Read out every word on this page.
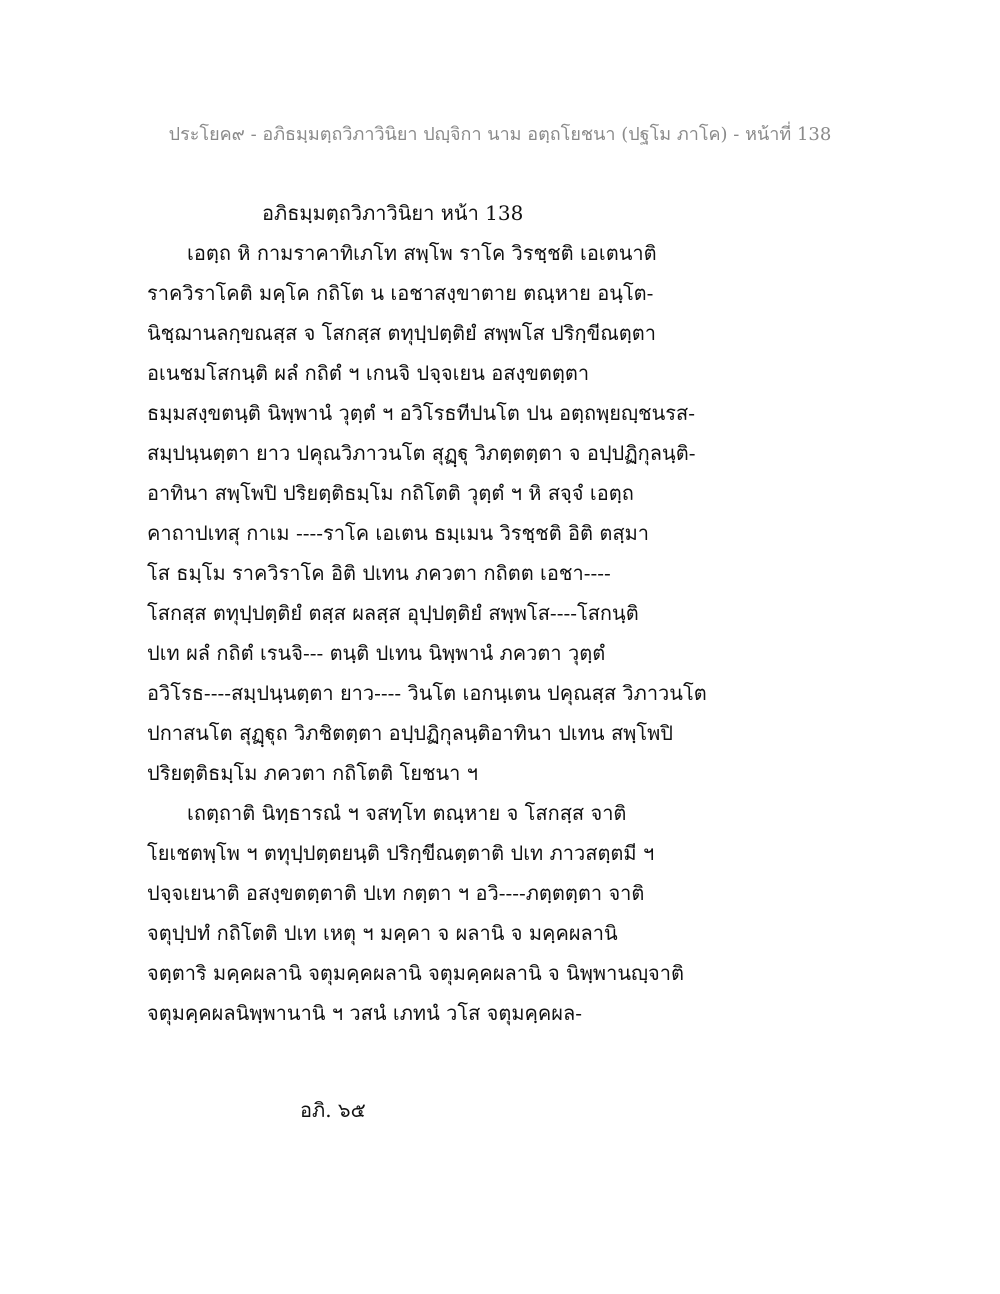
ประโยค๙ - อภิธมฺมตฺถวิภาวินิยา ปญฺจิกา นาม อตฺถโยชนา (ปฐโม ภาโค) - หน้าที่ 138
อภิธมฺมตฺถวิภาวินิยา หน้า 138
เอตฺถ หิ กามราคาทิเภโท สพฺโพ ราโค วิรชฺชติ เอเตนาติ
ราควิราโคติ มคฺโค กถิโต น เอชาสงฺขาตาย ตณฺหาย อนฺโต-
นิชฺฌานลกฺขณสฺส จ โสกสฺส ตทุปฺปตฺติยํ สพฺพโส ปริกฺขีณตฺตา
อเนชมโสกนฺติ ผลํ กถิตํ ฯ เกนจิ ปจฺจเยน อสงฺขตตฺตา
ธมฺมสงฺขตนฺติ นิพฺพานํ วุตฺตํ ฯ อวิโรธทีปนโต ปน อตฺถพฺยญฺชนรส-
สมฺปนฺนตฺตา ยาว ปคุณวิภาวนโต สุฏฺฐุ วิภตฺตตฺตา จ อปฺปฏิกุลนฺติ-
อาทินา สพฺโพปิ ปริยตฺติธมฺโม กถิโตติ วุตฺตํ ฯ หิ สจฺจํ เอตฺถ
คาถาปเทสุ กาเม ----ราโค เอเตน ธมฺเมน วิรชฺชติ อิติ ตสฺมา
โส ธมฺโม ราควิราโค อิติ ปเทน ภควตา กถิตต เอชา----
โสกสฺส ตทุปฺปตฺติยํ ตสฺส ผลสฺส อุปฺปตฺติยํ สพฺพโส----โสกนฺติ
ปเท ผลํ กถิตํ เรนจิ--- ตนฺติ ปเทน นิพฺพานํ ภควตา วุตฺตํ
อวิโรธ----สมฺปนฺนตฺตา ยาว---- วินโต เอกนฺเตน ปคุณสฺส วิภาวนโต
ปกาสนโต สุฏฺฐุถ วิภชิตตฺตา อปฺปฏิกุลนฺติอาทินา ปเทน สพฺโพปิ
ปริยตฺติธมฺโม ภควตา กถิโตติ โยชนา ฯ
เถตฺถาติ นิทฺธารณํ ฯ จสทฺโท ตณฺหาย จ โสกสฺส จาติ
โยเชตพฺโพ ฯ ตทุปฺปตฺตยนฺติ ปริกฺขีณตฺตาติ ปเท ภาวสตฺตมี ฯ
ปจฺจเยนาติ อสงฺขตตฺตาติ ปเท กตฺตา ฯ อวิ----ภตฺตตฺตา จาติ
จตุปฺปทํ กถิโตติ ปเท เหตุ ฯ มคฺคา จ ผลานิ จ มคฺคผลานิ
จตฺตาริ มคฺคผลานิ จตุมคฺคผลานิ จตุมคฺคผลานิ จ นิพฺพานญฺจาติ
จตุมคฺคผลนิพฺพานานิ ฯ วสนํ เภทนํ วโส จตุมคฺคผล-
อภิ. ๖๕
